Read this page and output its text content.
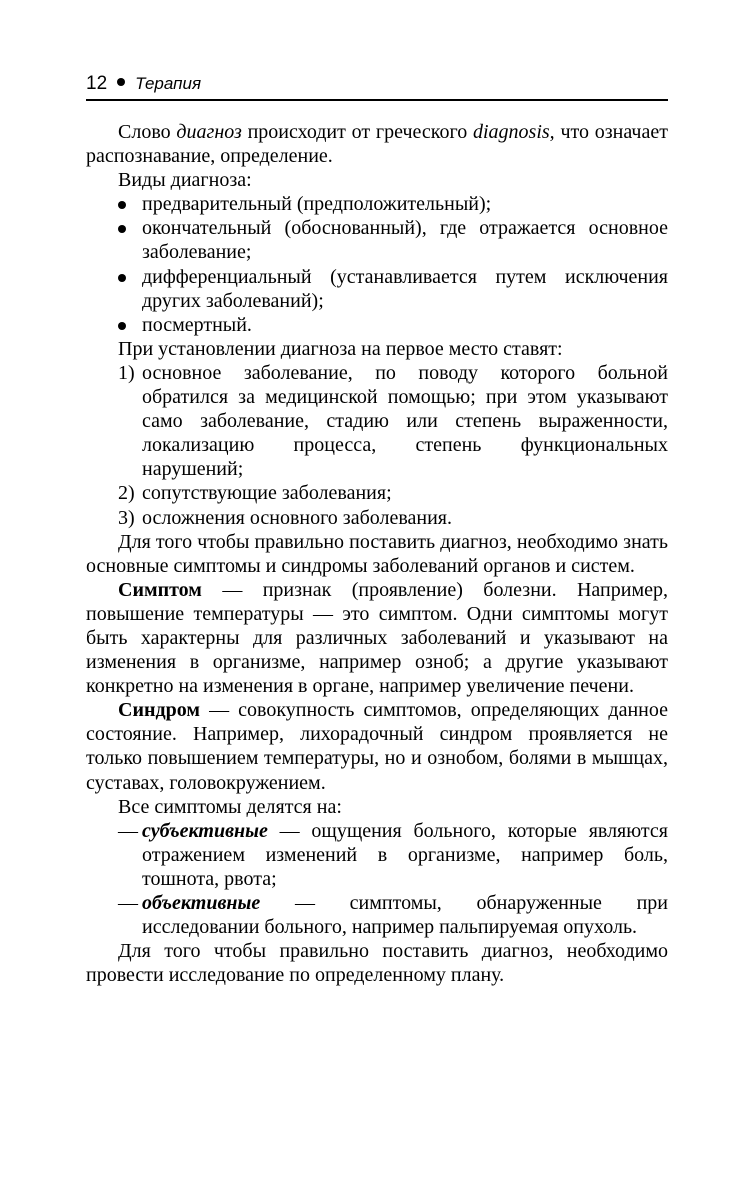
12 Терапия

Слово диагноз происходит от греческого diagnosis, что означает распознавание, определение.

Виды диагноза:

предварительный (предположительный);
окончательный (обоснованный), где отражается основное заболевание;
дифференциальный (устанавливается путем исключения других заболеваний);
посмертный.

При установлении диагноза на первое место ставят:

1) основное заболевание, по поводу которого больной обратился за медицинской помощью; при этом указывают само заболевание, стадию или степень выраженности, локализацию процесса, степень функциональных нарушений;
2) сопутствующие заболевания;
3) осложнения основного заболевания.

Для того чтобы правильно поставить диагноз, необходимо знать основные симптомы и синдромы заболеваний органов и систем.

Симптом — признак (проявление) болезни. Например, повышение температуры — это симптом. Одни симптомы могут быть характерны для различных заболеваний и указывают на изменения в организме, например озноб; а другие указывают конкретно на изменения в органе, например увеличение печени.

Синдром — совокупность симптомов, определяющих данное состояние. Например, лихорадочный синдром проявляется не только повышением температуры, но и ознобом, болями в мышцах, суставах, головокружением.

Все симптомы делятся на:

— субъективные — ощущения больного, которые являются отражением изменений в организме, например боль, тошнота, рвота;
— объективные — симптомы, обнаруженные при исследовании больного, например пальпируемая опухоль.

Для того чтобы правильно поставить диагноз, необходимо провести исследование по определенному плану.
